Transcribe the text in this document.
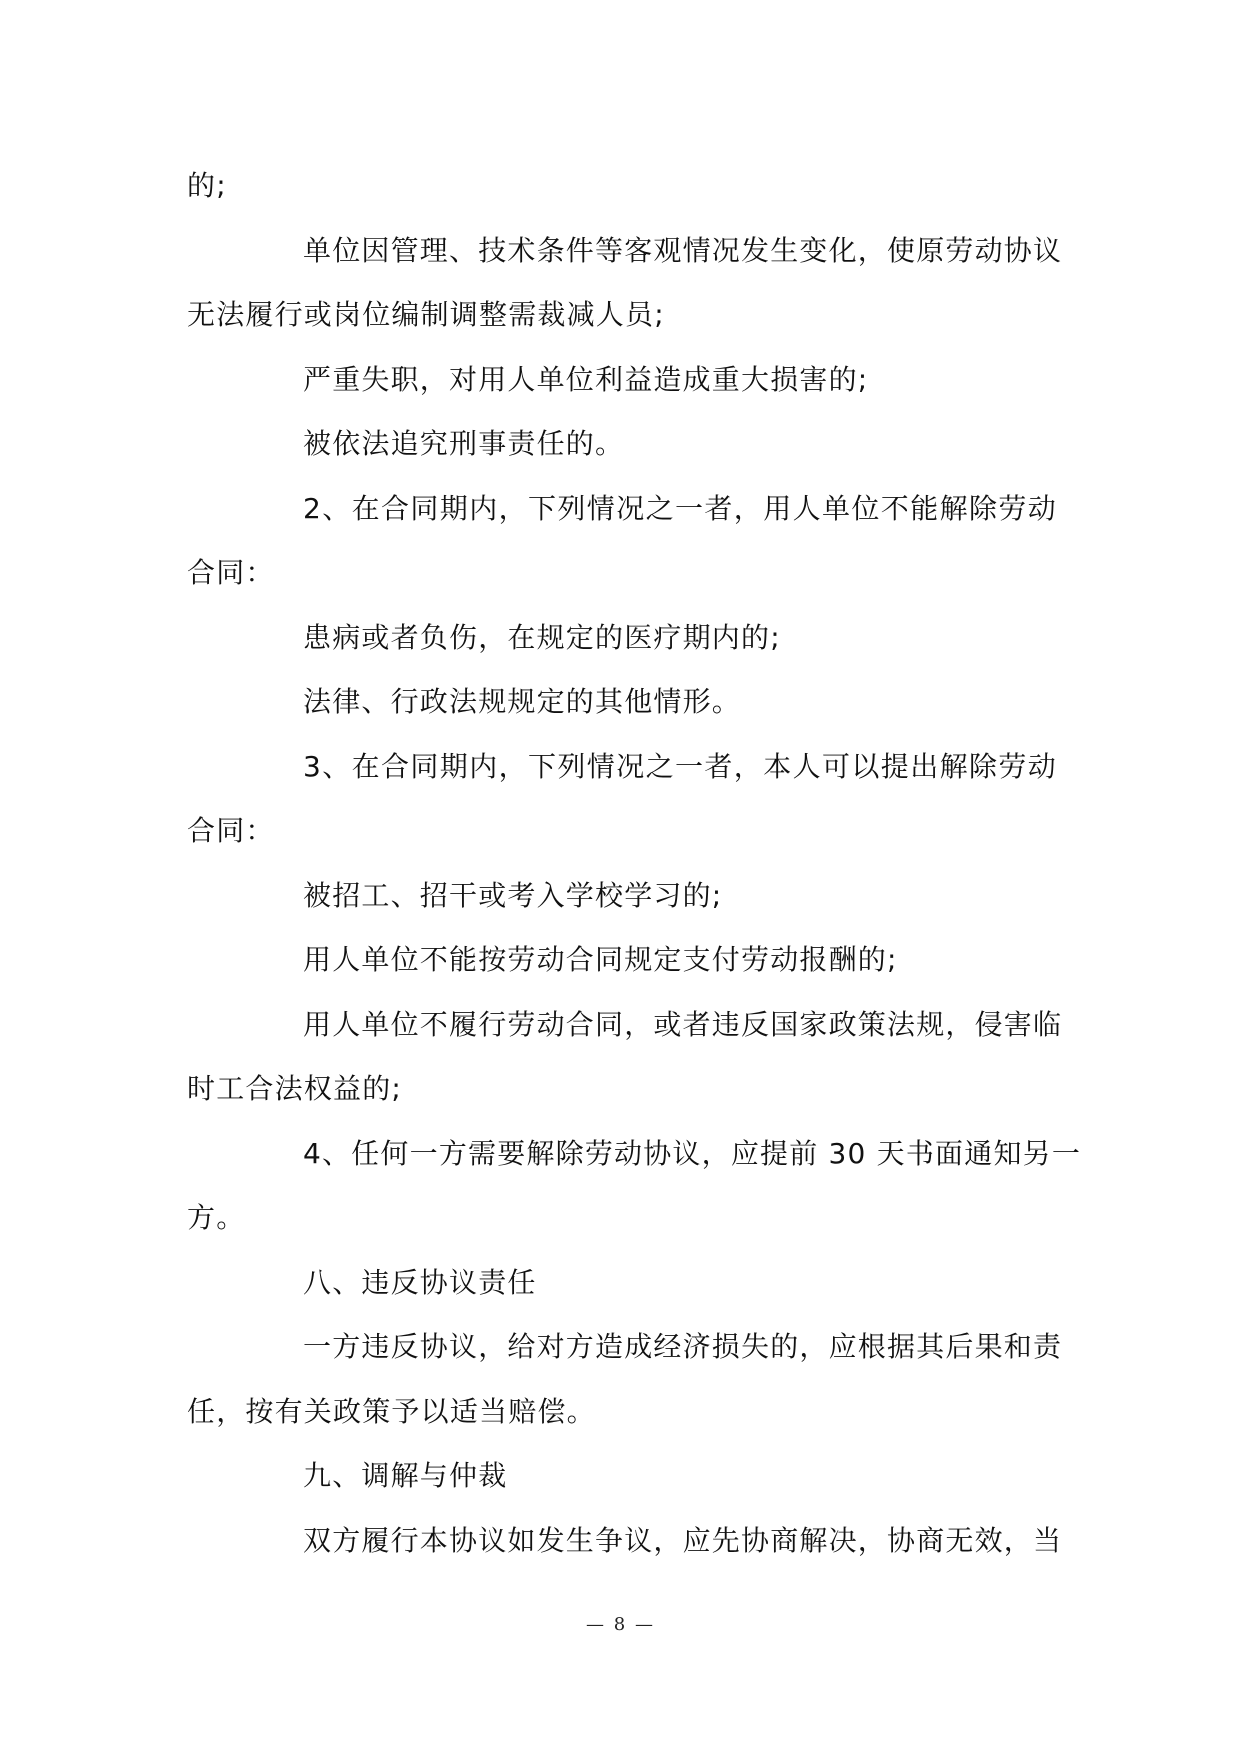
的;
单位因管理、技术条件等客观情况发生变化，使原劳动协议
无法履行或岗位编制调整需裁减人员;
严重失职，对用人单位利益造成重大损害的;
被依法追究刑事责任的。
2、在合同期内，下列情况之一者，用人单位不能解除劳动
合同：
患病或者负伤，在规定的医疗期内的;
法律、行政法规规定的其他情形。
3、在合同期内，下列情况之一者，本人可以提出解除劳动
合同：
被招工、招干或考入学校学习的;
用人单位不能按劳动合同规定支付劳动报酬的;
用人单位不履行劳动合同，或者违反国家政策法规，侵害临
时工合法权益的;
4、任何一方需要解除劳动协议，应提前 30 天书面通知另一
方。
八、违反协议责任
一方违反协议，给对方造成经济损失的，应根据其后果和责
任，按有关政策予以适当赔偿。
九、调解与仲裁
双方履行本协议如发生争议，应先协商解决，协商无效，当
— 8 —
